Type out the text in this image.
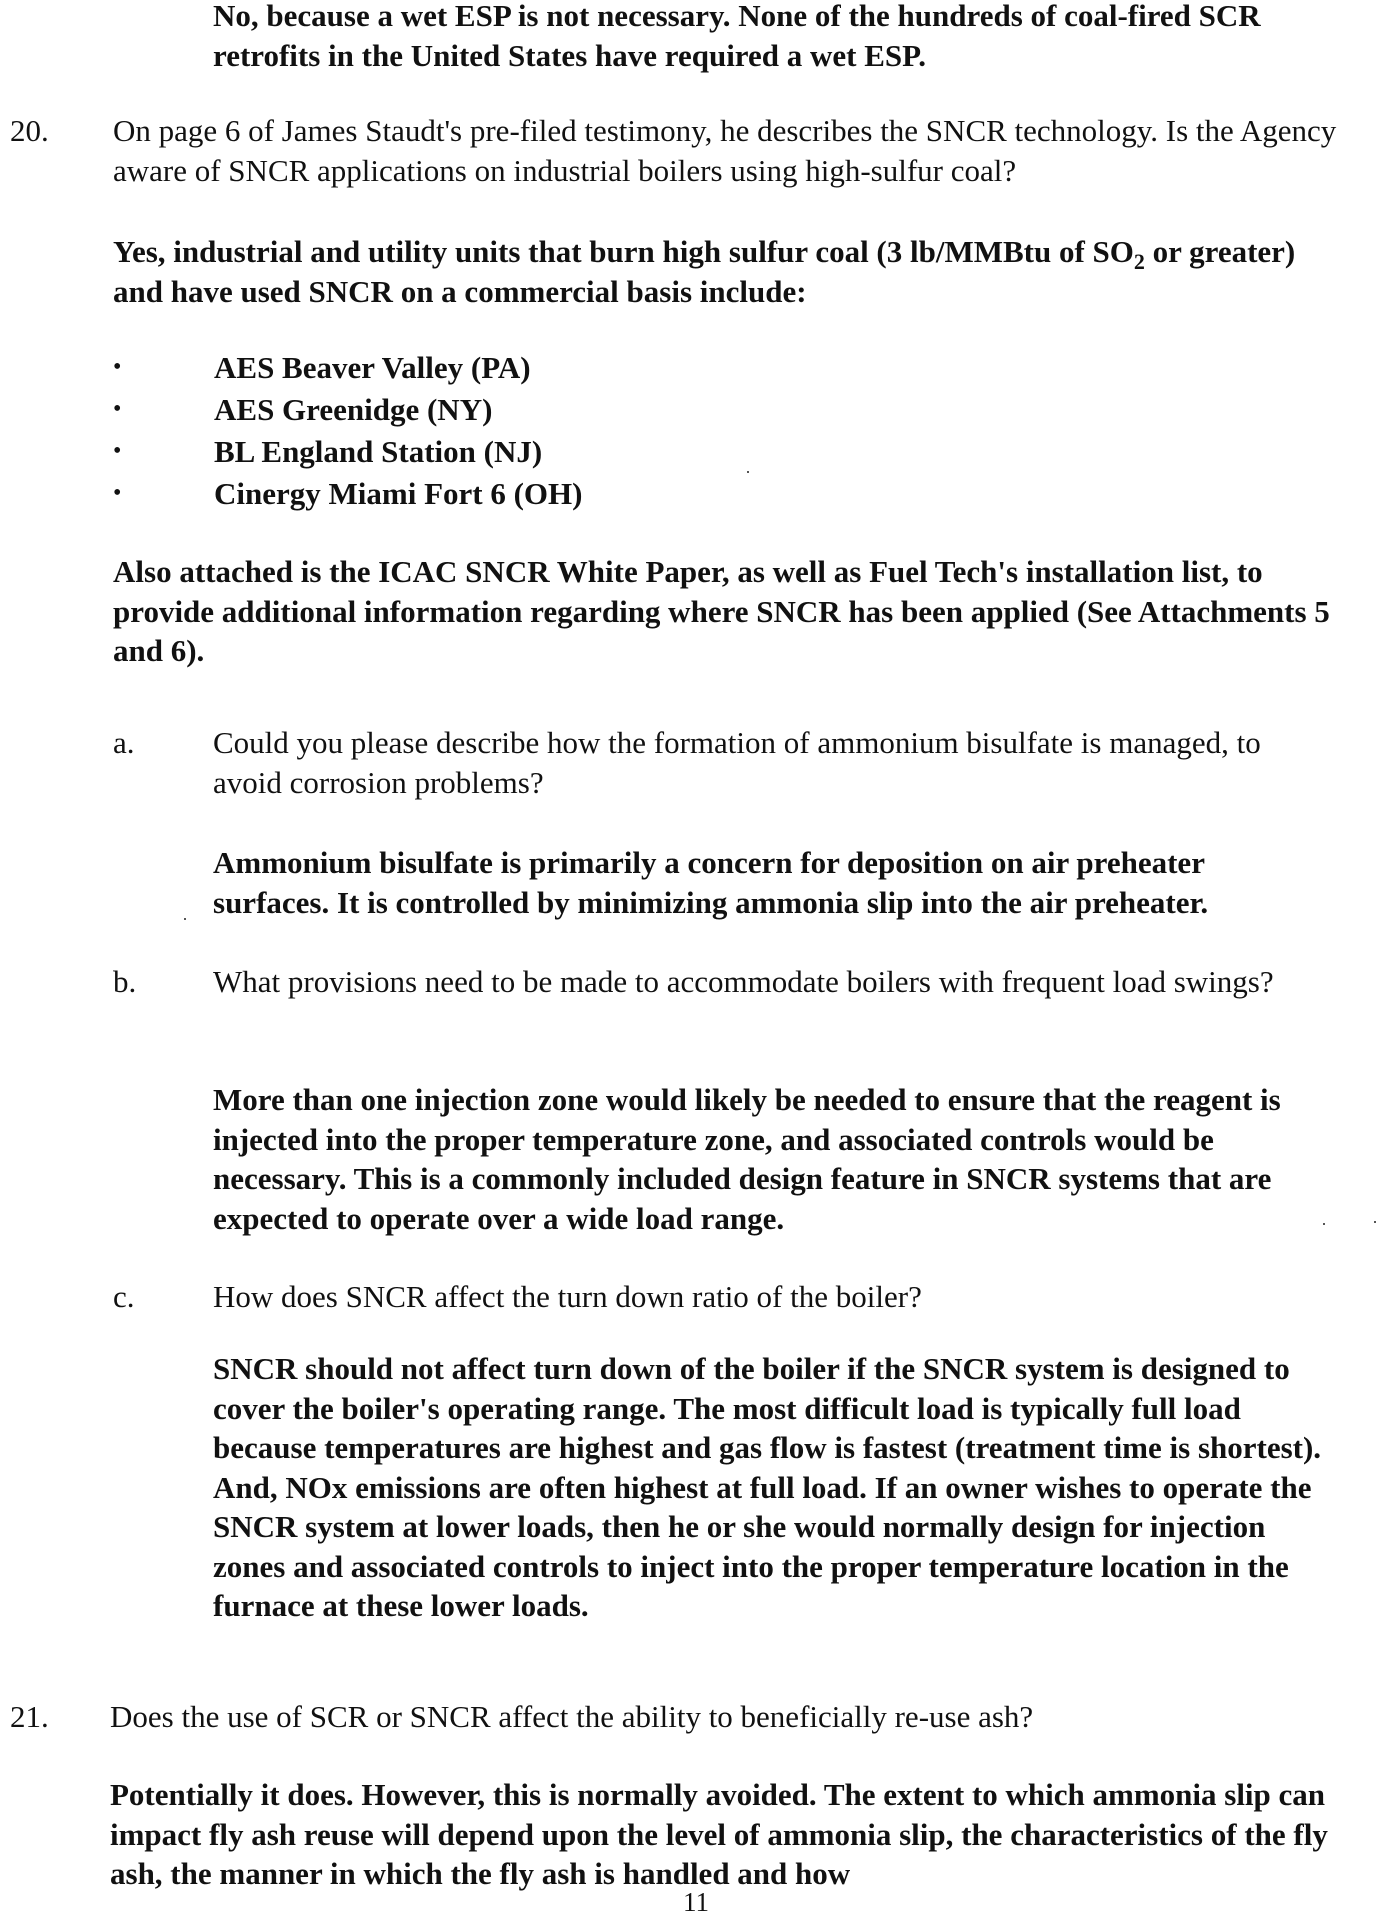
No, because a wet ESP is not necessary. None of the hundreds of coal-fired SCR retrofits in the United States have required a wet ESP.

20. On page 6 of James Staudt's pre-filed testimony, he describes the SNCR technology. Is the Agency aware of SNCR applications on industrial boilers using high-sulfur coal?

Yes, industrial and utility units that burn high sulfur coal (3 lb/MMBtu of $SO_2$ or greater) and have used SNCR on a commercial basis include:

•	AES Beaver Valley (PA)
•	AES Greenidge (NY)
•	BL England Station (NJ)
•	Cinergy Miami Fort 6 (OH)

Also attached is the ICAC SNCR White Paper, as well as Fuel Tech's installation list, to provide additional information regarding where SNCR has been applied (See Attachments 5 and 6).

a.	Could you please describe how the formation of ammonium bisulfate is managed, to avoid corrosion problems?

Ammonium bisulfate is primarily a concern for deposition on air preheater surfaces. It is controlled by minimizing ammonia slip into the air preheater.

b. What provisions need to be made to accommodate boilers with frequent load swings?

More than one injection zone would likely be needed to ensure that the reagent is injected into the proper temperature zone, and associated controls would be necessary. This is a commonly included design feature in SNCR systems that are expected to operate over a wide load range.

c.	How does SNCR affect the turn down ratio of the boiler?

SNCR should not affect turn down of the boiler if the SNCR system is designed to cover the boiler's operating range. The most difficult load is typically full load because temperatures are highest and gas flow is fastest (treatment time is shortest). And, NOx emissions are often highest at full load. If an owner wishes to operate the SNCR system at lower loads, then he or she would normally design for injection zones and associated controls to inject into the proper temperature location in the furnace at these lower loads.

21. Does the use of SCR or SNCR affect the ability to beneficially re-use ash?

Potentially it does. However, this is normally avoided. The extent to which ammonia slip can impact fly ash reuse will depend upon the level of ammonia slip, the characteristics of the fly ash, the manner in which the fly ash is handled and how

11
